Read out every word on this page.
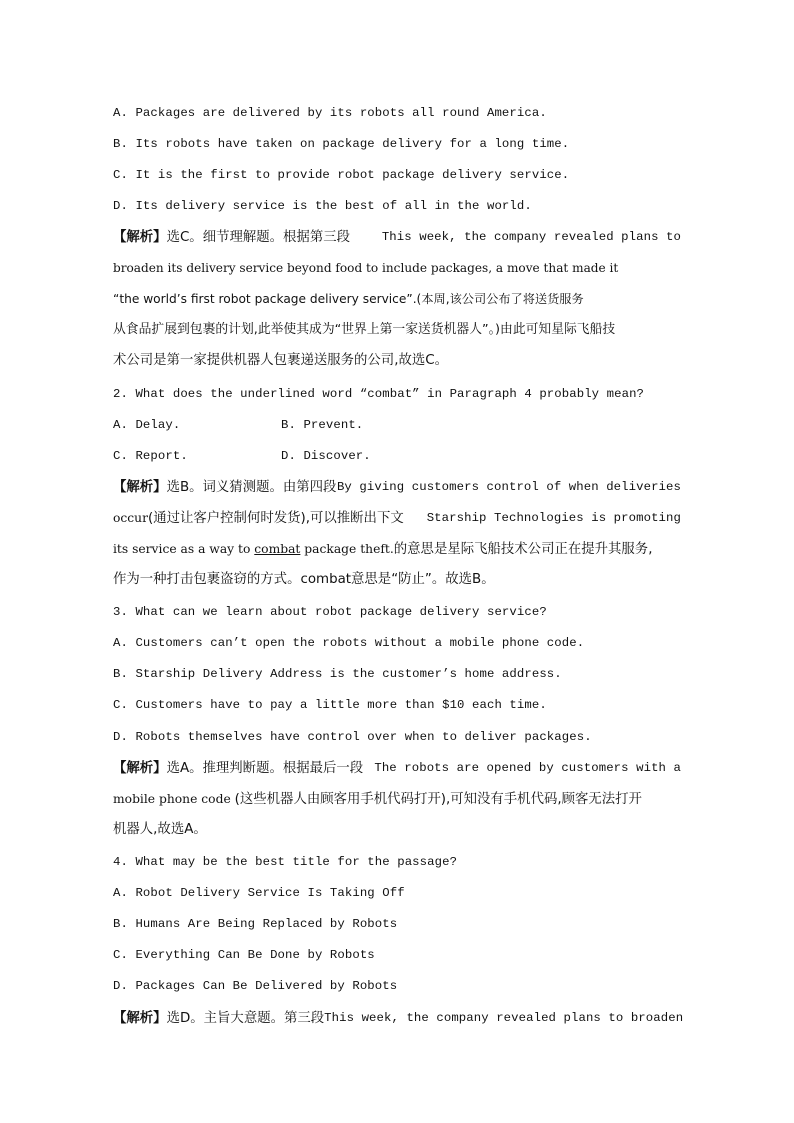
A. Packages are delivered by its robots all round America.
B. Its robots have taken on package delivery for a long time.
C. It is the first to provide robot package delivery service.
D. Its delivery service is the best of all in the world.
【解析】选C。细节理解题。根据第三段	This week, the company revealed plans to
broaden its delivery service beyond food to include packages, a move that made it
“the world’s first robot package delivery service”.(本周,该公司公布了将送货服务
从食品扩展到包裹的计划,此举使其成为“世界上第一家送货机器人”。)由此可知星际飞船技
术公司是第一家提供机器人包裹递送服务的公司,故选C。
2. What does the underlined word “combat” in Paragraph 4 probably mean?
A. Delay.	B. Prevent.
C. Report.	D. Discover.
【解析】选B。词义猜测题。由第四段 By giving customers control of when deliveries
occur(通过让客户控制何时发货),可以推断出下文 Starship Technologies is promoting
its service as a way to combat package theft.的意思是星际飞船技术公司正在提升其服务,
作为一种打击包裹盗窃的方式。combat意思是“防止”。故选B。
3. What can we learn about robot package delivery service?
A. Customers can’t open the robots without a mobile phone code.
B. Starship Delivery Address is the customer’s home address.
C. Customers have to pay a little more than $10 each time.
D. Robots themselves have control over when to deliver packages.
【解析】选A。推理判断题。根据最后一段 The robots are opened by customers with a
mobile phone code (这些机器人由顾客用手机代码打开),可知没有手机代码,顾客无法打开
机器人,故选A。
4. What may be the best title for the passage?
A. Robot Delivery Service Is Taking Off
B. Humans Are Being Replaced by Robots
C. Everything Can Be Done by Robots
D. Packages Can Be Delivered by Robots
【解析】选D。主旨大意题。第三段 This week, the company revealed plans to broaden
